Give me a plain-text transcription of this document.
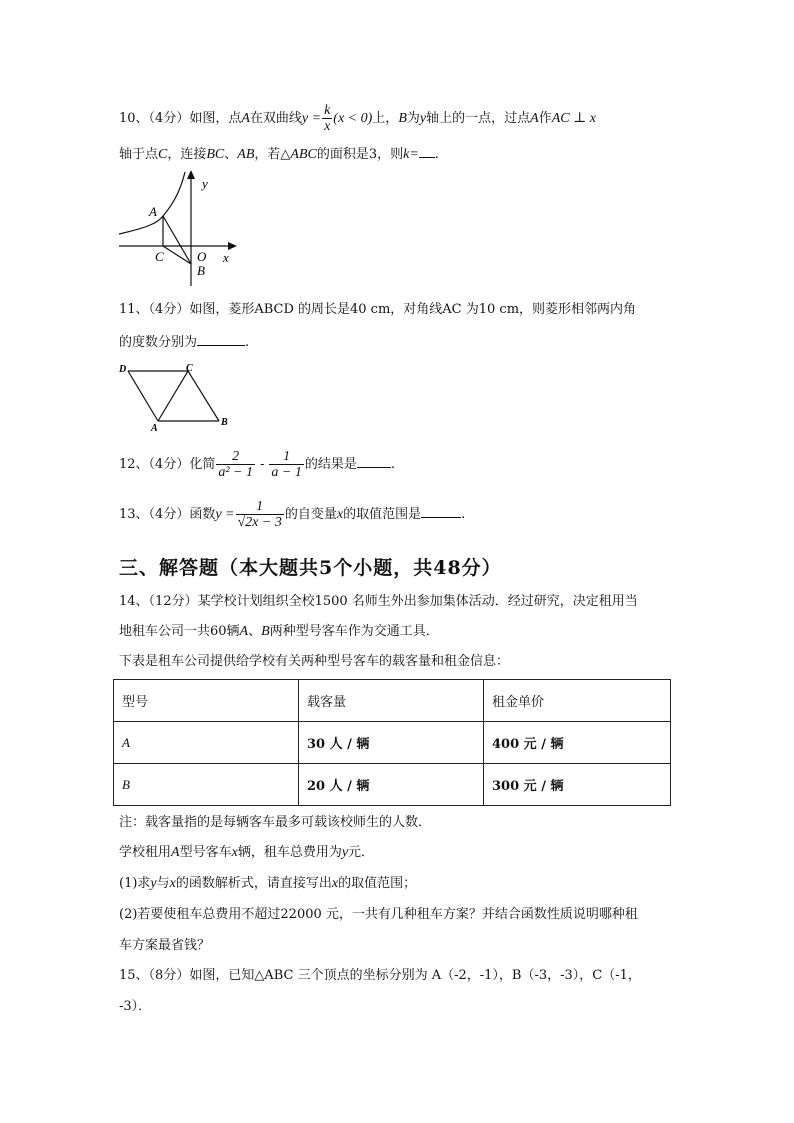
10、（4分）如图，点A在双曲线$y = \frac{k}{x} (x < 0)$上，B为y轴上的一点，过点A作AC ⊥ x
轴于点C，连接BC、AB，若△ABC的面积是3，则k= .
y
x
A
C	O
B
11、（4分）如图，菱形ABCD 的周长是40 cm，对角线AC 为10 cm，则菱形相邻两内角
的度数分别为	.
D	C
A
B
12、（4分）化简 $\frac{2}{\text{a² − 1}} - \frac{1}{a - 1}$ 的结果是	.
13、（4分）函数$y = \frac{1}{√2x - 3}$ 的自变量x的取值范围是	.
三、解答题（本大题共5个小题，共48分）
14、（12分）某学校计划组织全校1500 名师生外出参加集体活动．经过研究，决定租用当
地租车公司一共60辆A、B两种型号客车作为交通工具．
下表是租车公司提供给学校有关两种型号客车的载客量和租金信息：
型号	载客量	租金单价
A	30 人 / 辆	400 元 / 辆
B	20 人 / 辆	300 元 / 辆
注：载客量指的是每辆客车最多可载该校师生的人数．
学校租用A型号客车x辆，租车总费用为y元．
(1)求y与x的函数解析式，请直接写出x的取值范围；
(2)若要使租车总费用不超过22000 元，一共有几种租车方案？并结合函数性质说明哪种租
车方案最省钱？
15、（8分）如图，已知△ABC 三个顶点的坐标分别为 A（-2，-1），B（-3，-3），C（-1，
-3）．
